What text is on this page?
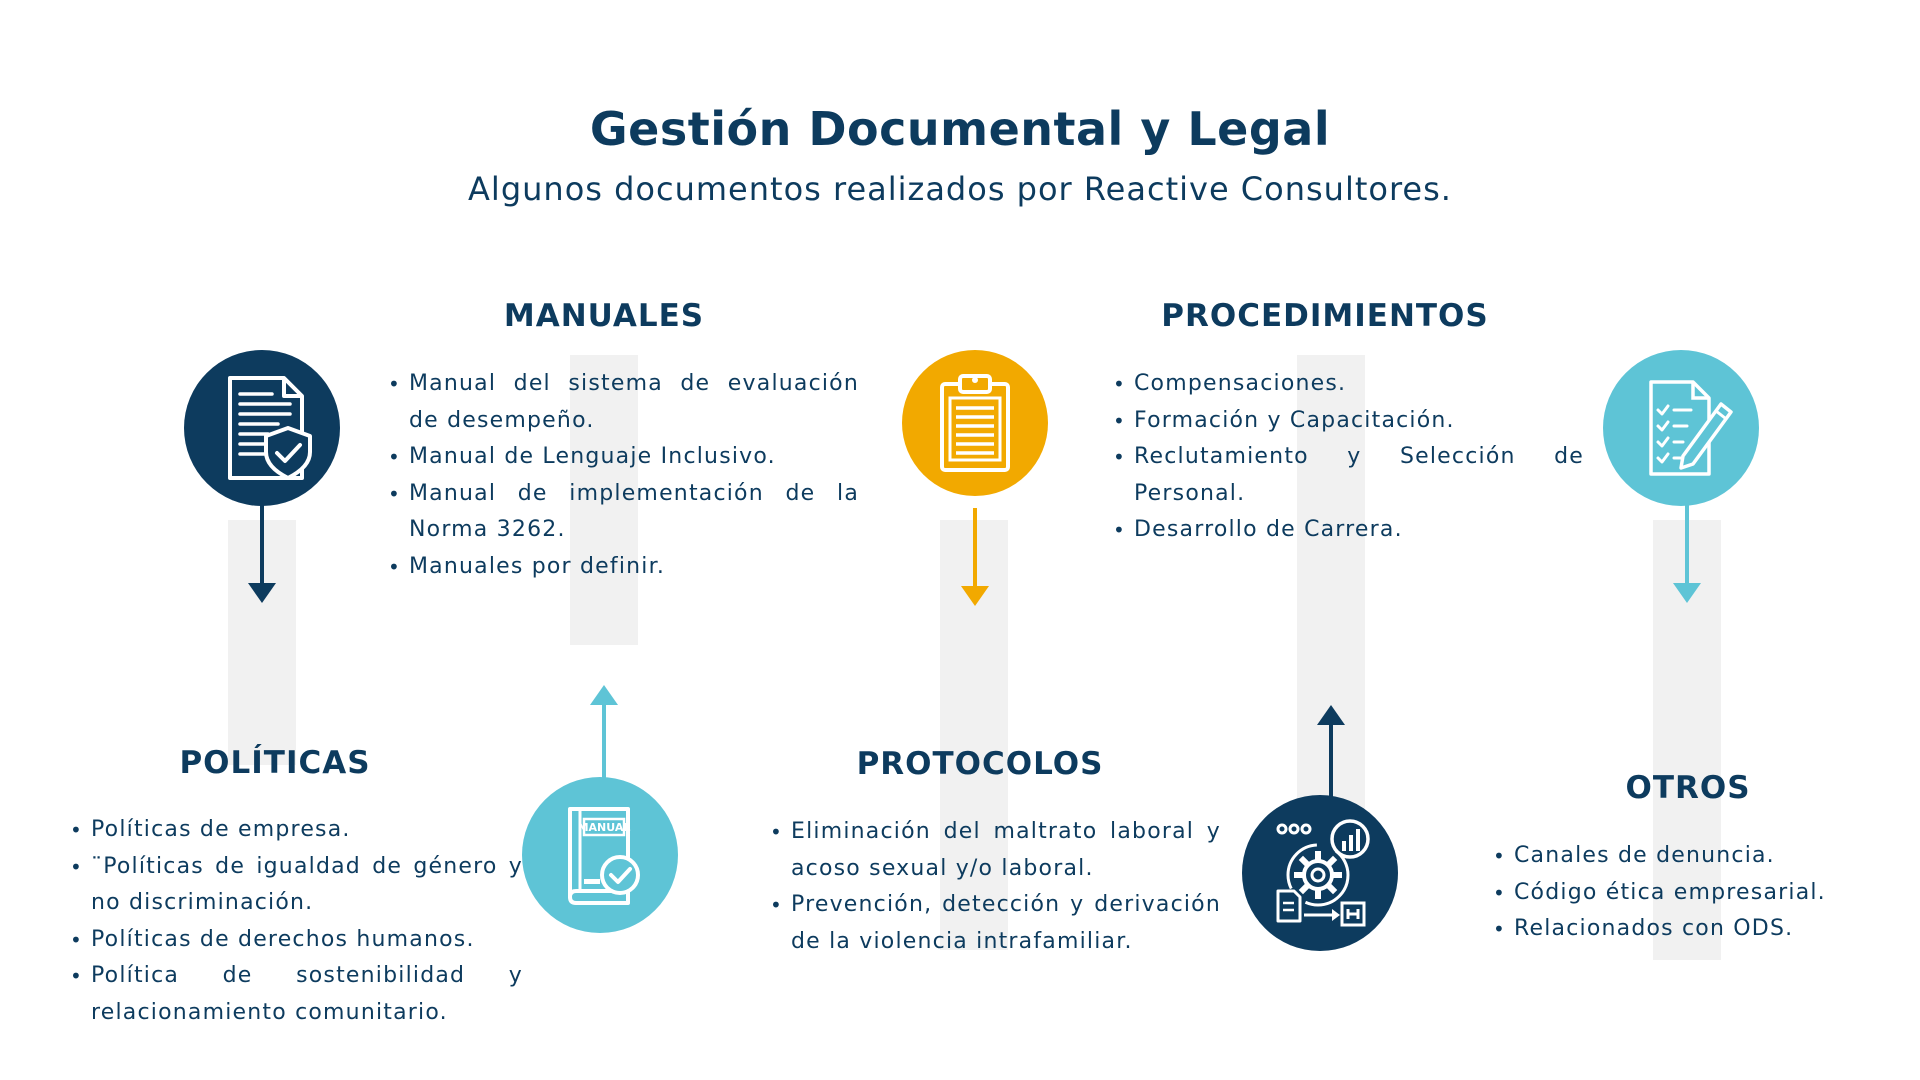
Gestión Documental y Legal
Algunos documentos realizados por Reactive Consultores.
MANUAL
MANUALES	PROCEDIMIENTOS
POLÍTICAS	PROTOCOLOS
OTROS
• Manual del sistema de evaluación de desempeño.
• Manual de Lenguaje Inclusivo.
• Manual de implementación de la Norma 3262.
• Manuales por definir.
• Compensaciones.
• Formación y Capacitación.
• Reclutamiento y Selección de Personal.
• Desarrollo de Carrera.
• Políticas de empresa.
• ¨Políticas de igualdad de género y no discriminación.
• Políticas de derechos humanos.
• Política de sostenibilidad y relacionamiento comunitario.
• Eliminación del maltrato laboral y acoso sexual y/o laboral.
• Prevención, detección y derivación de la violencia intrafamiliar.
• Canales de denuncia.
• Código ética empresarial.
• Relacionados con ODS.
